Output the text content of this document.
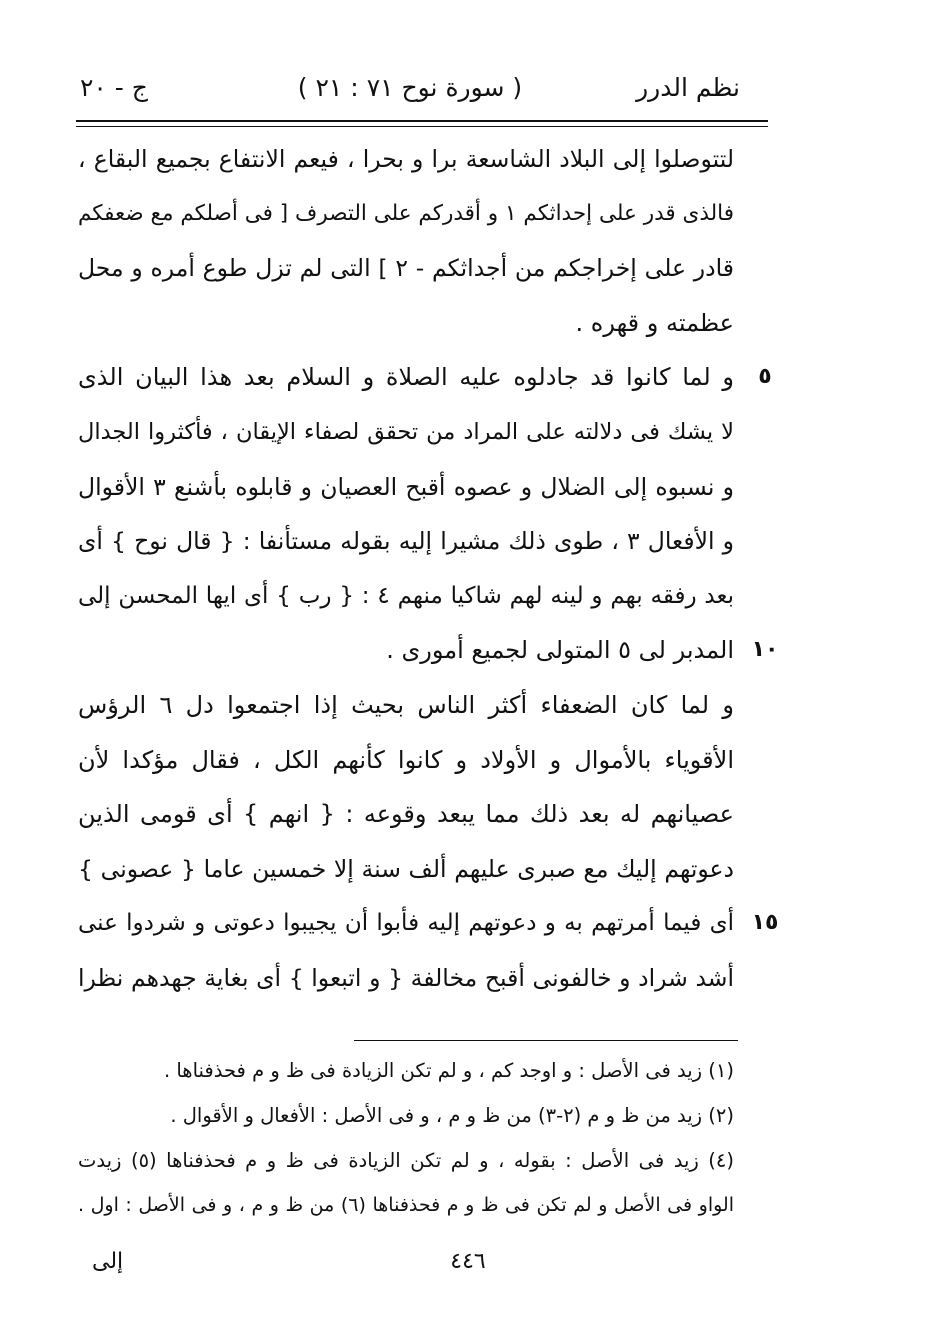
نظم الدرر
( سورة نوح ٧١ : ٢١ )
ج - ٢٠
لتتوصلوا إلى البلاد الشاسعة برا و بحرا ، فيعم الانتفاع بجميع البقاع ،
فالذى قدر على إحداثكم ١ و أقدركم على التصرف [ فى أصلكم مع ضعفكم
قادر على إخراجكم من أجداثكم - ٢ ] التى لم تزل طوع أمره و محل
عظمته و قهره .
٥
و لما كانوا قد جادلوه عليه الصلاة و السلام بعد هذا البيان الذى
لا يشك فى دلالته على المراد من تحقق لصفاء الإيقان ، فأكثروا الجدال
و نسبوه إلى الضلال و عصوه أقبح العصيان و قابلوه بأشنع ٣ الأقوال
و الأفعال ٣ ، طوى ذلك مشيرا إليه بقوله مستأنفا : { قال نوح } أى
بعد رفقه بهم و لينه لهم شاكيا منهم ٤ : { رب } أى ايها المحسن إلى
١٠
المدبر لى ٥ المتولى لجميع أمورى .
و لما كان الضعفاء أكثر الناس بحيث إذا اجتمعوا دل ٦ الرؤس
الأقوياء بالأموال و الأولاد و كانوا كأنهم الكل ، فقال مؤكدا لأن
عصيانهم له بعد ذلك مما يبعد وقوعه : { انهم } أى قومى الذين
دعوتهم إليك مع صبرى عليهم ألف سنة إلا خمسين عاما { عصونى }
١٥
أى فيما أمرتهم به و دعوتهم إليه فأبوا أن يجيبوا دعوتى و شردوا عنى
أشد شراد و خالفونى أقبح مخالفة { و اتبعوا } أى بغاية جهدهم نظرا
(١) زيد فى الأصل : و اوجد كم ، و لم تكن الزيادة فى ظ و م فحذفناها .
(٢) زيد من ظ و م (٢-٣) من ظ و م ، و فى الأصل : الأفعال و الأقوال .
(٤) زيد فى الأصل : بقوله ، و لم تكن الزيادة فى ظ و م فحذفناها (٥) زيدت
الواو فى الأصل و لم تكن فى ظ و م فحذفناها (٦) من ظ و م ، و فى الأصل : اول .
٤٤٦
إلى
